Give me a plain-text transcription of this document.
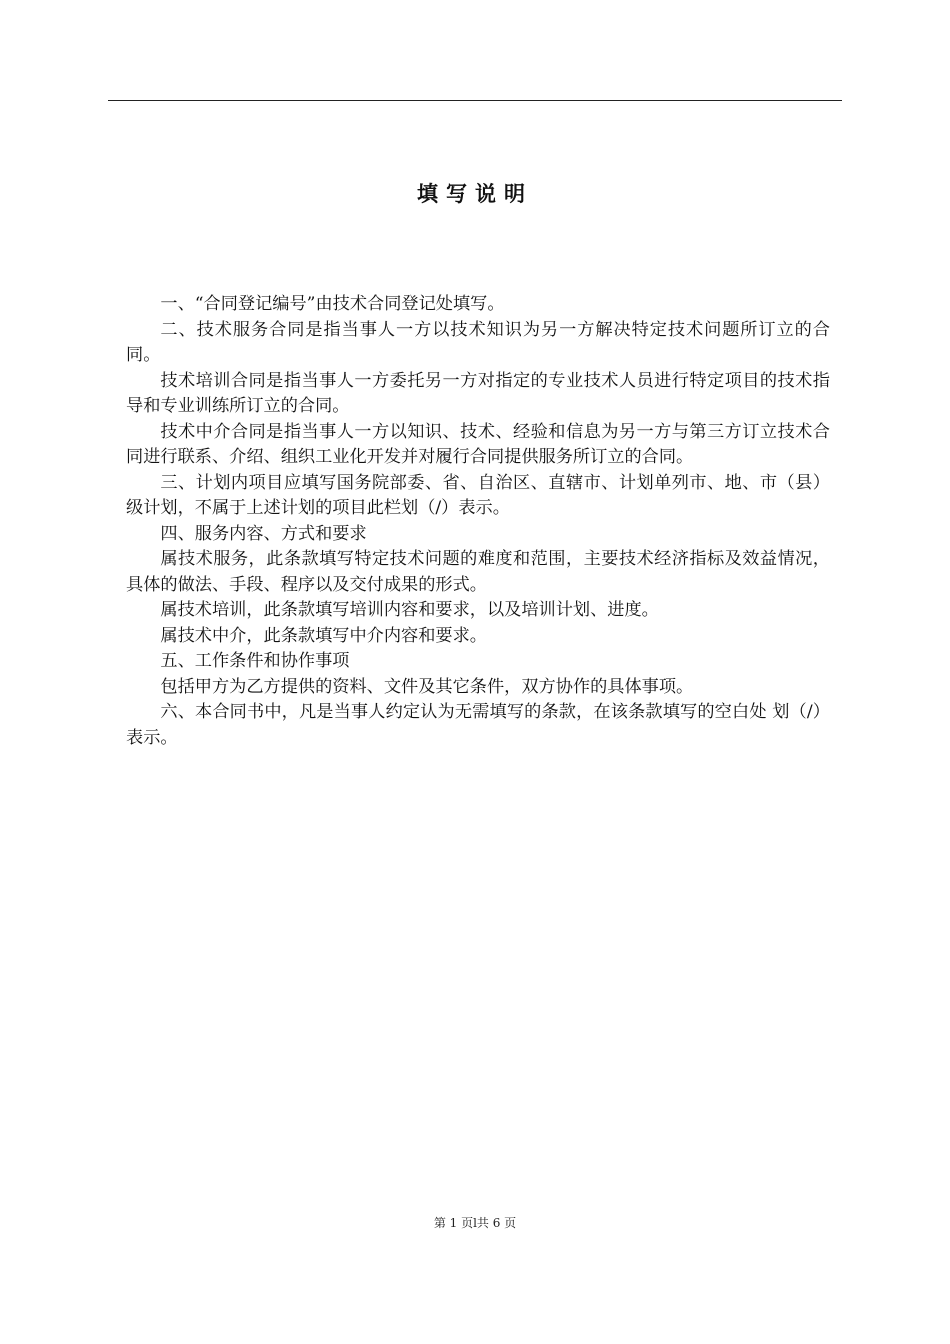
填写说明

一、“合同登记编号”由技术合同登记处填写。

二、技术服务合同是指当事人一方以技术知识为另一方解决特定技术问题所订立的合同。

技术培训合同是指当事人一方委托另一方对指定的专业技术人员进行特定项目的技术指导和专业训练所订立的合同。

技术中介合同是指当事人一方以知识、技术、经验和信息为另一方与第三方订立技术合同进行联系、介绍、组织工业化开发并对履行合同提供服务所订立的合同。

三、计划内项目应填写国务院部委、省、自治区、直辖市、计划单列市、地、市（县）级计划，不属于上述计划的项目此栏划（/）表示。

四、服务内容、方式和要求

属技术服务，此条款填写特定技术问题的难度和范围，主要技术经济指标及效益情况，具体的做法、手段、程序以及交付成果的形式。

属技术培训，此条款填写培训内容和要求，以及培训计划、进度。

属技术中介，此条款填写中介内容和要求。

五、工作条件和协作事项

包括甲方为乙方提供的资料、文件及其它条件，双方协作的具体事项。

六、本合同书中，凡是当事人约定认为无需填写的条款，在该条款填写的空白处 划（/）表示。

第 1 页l共 6 页
